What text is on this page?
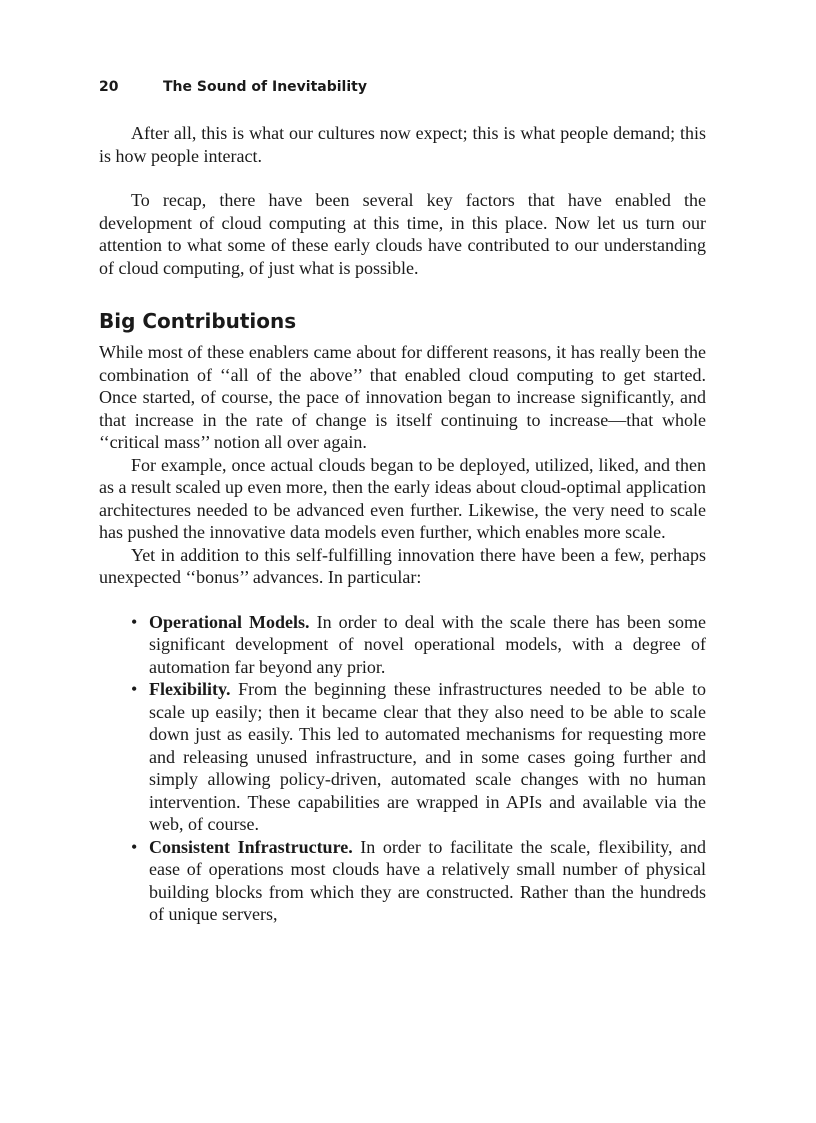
20	The Sound of Inevitability

After all, this is what our cultures now expect; this is what people demand; this is how people interact.

To recap, there have been several key factors that have enabled the development of cloud computing at this time, in this place. Now let us turn our attention to what some of these early clouds have contributed to our understanding of cloud computing, of just what is possible.

Big Contributions

While most of these enablers came about for different reasons, it has really been the combination of ‘‘all of the above’’ that enabled cloud computing to get started. Once started, of course, the pace of innovation began to increase significantly, and that increase in the rate of change is itself continuing to increase—that whole ‘‘critical mass’’ notion all over again.

For example, once actual clouds began to be deployed, utilized, liked, and then as a result scaled up even more, then the early ideas about cloud-optimal application architectures needed to be advanced even further. Likewise, the very need to scale has pushed the innovative data models even further, which enables more scale.

Yet in addition to this self-fulfilling innovation there have been a few, perhaps unexpected ‘‘bonus’’ advances. In particular:

• Operational Models. In order to deal with the scale there has been some significant development of novel operational models, with a degree of automation far beyond any prior.
• Flexibility. From the beginning these infrastructures needed to be able to scale up easily; then it became clear that they also need to be able to scale down just as easily. This led to automated mechanisms for requesting more and releasing unused infrastructure, and in some cases going further and simply allowing policy-driven, automated scale changes with no human intervention. These capabilities are wrapped in APIs and available via the web, of course.
• Consistent Infrastructure. In order to facilitate the scale, flexibility, and ease of operations most clouds have a relatively small number of physical building blocks from which they are constructed. Rather than the hundreds of unique servers,
